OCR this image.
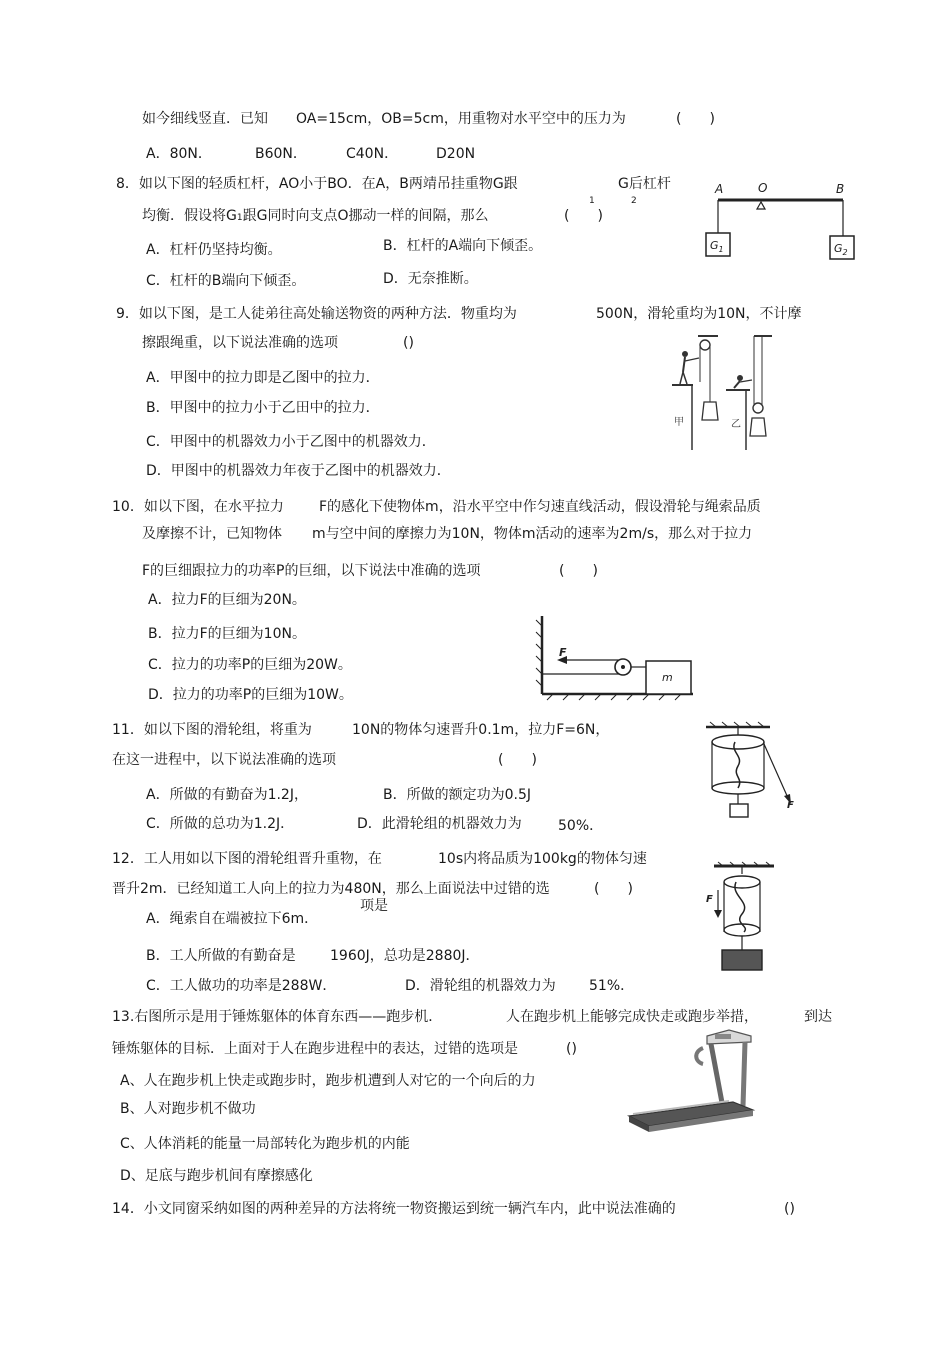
如今细线竖直．已知 OA=15cm，OB=5cm，用重物对水平空中的压力为	(　　)
A．80N．	B60N．	C40N．	D20N
8．如以下图的轻质杠杆，AO小于BO．在A，B两靖吊挂重物G跟	G后杠杆
1	2
均衡．假设将G1跟G同时向支点O挪动一样的间隔，那么	(　　)
A．杠杆仍坚持均衡。	B．杠杆的A端向下倾歪。
C．杠杆的B端向下倾歪。	D．无奈推断。
A	O	B
$G_1$	$G_2$
9．如以下图，是工人徒弟往高处输送物资的两种方法．物重均为	500N，滑轮重均为10N，不计摩
擦跟绳重，以下说法准确的选项	()
A．甲图中的拉力即是乙图中的拉力．
B．甲图中的拉力小于乙田中的拉力．
C．甲图中的机器效力小于乙图中的机器效力．
D．甲图中的机器效力年夜于乙图中的机器效力．
甲	乙
10．如以下图，在水平拉力	F的感化下使物体m，沿水平空中作匀速直线活动，假设滑轮与绳索品质
及摩擦不计，已知物体 m与空中间的摩擦力为10N，物体m活动的速率为2m/s，那么对于拉力
F的巨细跟拉力的功率P的巨细，以下说法中准确的选项	(　　)
A．拉力F的巨细为20N。
B．拉力F的巨细为10N。
C．拉力的功率P的巨细为20W。
D．拉力的功率P的巨细为10W。
F
m
11．如以下图的滑轮组，将重为	10N的物体匀速晋升0.1m，拉力F=6N，
在这一进程中，以下说法准确的选项	(　　)
A．所做的有勤奋为1.2J，	B．所做的额定功为0.5J
C．所做的总功为1.2J．	D．此滑轮组的机器效力为	50%．
F
12．工人用如以下图的滑轮组晋升重物，在	10s内将品质为100kg的物体匀速
晋升2m．已经知道工人向上的拉力为480N，那么上面说法中过错的选	(　　)
项是
A．绳索自在端被拉下6m．
B．工人所做的有勤奋是 1960J，总功是2880J．
C．工人做功的功率是288W．	D．滑轮组的机器效力为 51%．
F
13.右图所示是用于锤炼躯体的体育东西——跑步机．	人在跑步机上能够完成快走或跑步举措，	到达
锤炼躯体的目标．上面对于人在跑步进程中的表达，过错的选项是	()
A、人在跑步机上快走或跑步时，跑步机遭到人对它的一个向后的力
B、人对跑步机不做功
C、人体消耗的能量一局部转化为跑步机的内能
D、足底与跑步机间有摩擦感化
14．小文同窗采纳如图的两种差异的方法将统一物资搬运到统一辆汽车内，此中说法准确的	()
